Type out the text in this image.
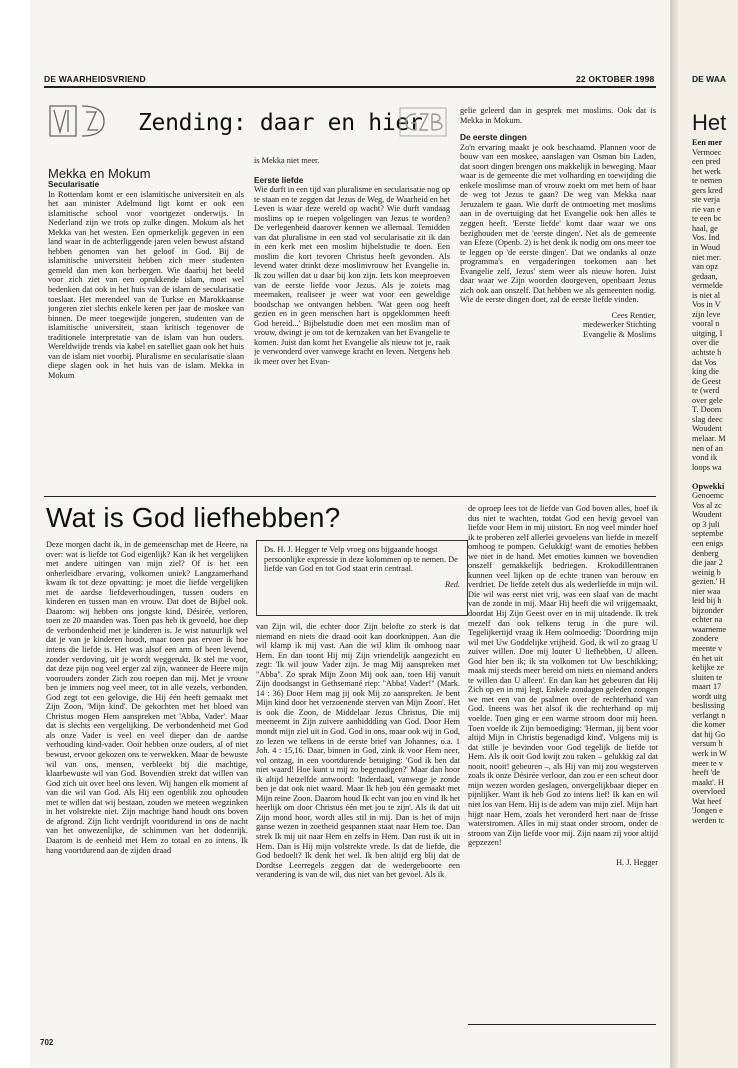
DE WAA
Het
Een mer
Vermoec
een pred
het werk
te nemen
gers kred
ste verja
rie van e
te een bc
haal, ge
Vos. Ind
in Woud
niet mer.
van opz
gedaan,
vermelde
is niet al
Vos in V
zijn leve
vooral n
uitging, I
over die
achtste h
dat Vos
king die
de Geest
te (werd
over gele
T. Doom
slag deec
Woudent
melaar. M
nen of an
vond ik
loops wa

Opwekki
Genoemc
Vos al zc
Woudent
op 3 juli
septembe
een enigs
denberg
die jaar 2
weinig b
gezien.' H
nier waa
leid bij h
bijzonder
echter na
waarneme
zondere
meente v
én het uit
kelijke ze
sluiten te
maart 17
wordt uitg
beslissing
verlangt n
die komer
dat hij Go
versum h
werk in W
meer te v
heeft 'de
maakt'. H
overvloed
Wat heef
'Jongen e
werden tc
DE WAARHEIDSVRIEND	22 OKTOBER 1998
VZB
Zending: daar en hier
Mekka en Mokum
Secularisatie

In Rotterdam komt er een islamitische universiteit en als het aan minister Adelmund ligt komt er ook een islamitische school voor voortgezet onderwijs. In Nederland zijn we trots op zulke dingen. Mokum als het Mekka van het westen. Een opmerkelijk gegeven in een land waar in de achterliggende jaren velen bewust afstand hebben genomen van het geloof in God. Bij de islamitische universiteit hebben zich meer studenten gemeld dan men kon herbergen. Wie daarbij het beeld voor zich ziet van een oprukkende islam, moet wel bedenken dat ook in het huis van de islam de secularisatie toeslaat. Het merendeel van de Turkse en Marokkaanse jongeren ziet slechts enkele keren per jaar de moskee van binnen. De meer toegewijde jongeren, studenten van de islamitische universiteit, staan kritisch tegenover de traditionele interpretatie van de islam van hun ouders. Wereldwijde trends via kabel en satelliet gaan ook het huis van de islam niet voorbij. Pluralisme en secularisatie slaan diepe slagen ook in het huis van de islam. Mekka in Mokum

is Mekka niet meer.

Eerste liefde

Wie durft in een tijd van pluralisme en secularisatie nog op te staan en te zeggen dat Jezus de Weg, de Waarheid en het Leven is waar deze wereld op wacht? Wie durft vandaag moslims op te roepen volgelingen van Jezus te worden? De verlegenheid daarover kennen we allemaal. Temidden van dat pluralisme in een stad vol secularisatie zit ik dan in een kerk met een moslim bijbelstudie te doen. Een moslim die kort tevoren Christus heeft gevonden. Als levend water drinkt deze moslimvrouw het Evangelie in. Ik zou willen dat u daar bij kon zijn. Iets kon meeproeven van de eerste liefde voor Jezus. Als je zoiets mag meemaken, realiseer je weer wat voor een geweldige boodschap we ontvangen hebben. 'Wat geen oog heeft gezien en in geen menschen hart is opgeklommen heeft God bereid...' Bijbelstudie doen met een moslim man of vrouw, dwingt je om tot de kernzaken van het Evangelie te komen. Juist dan komt het Evangelie als nieuw tot je, raak je verwonderd over vanwege kracht en leven. Nergens heb ik meer over het Evan-

gelie geleerd dan in gesprek met moslims. Ook dat is Mekka in Mokum.

De eerste dingen

Zo'n ervaring maakt je ook beschaamd. Plannen voor de bouw van een moskee, aanslagen van Osman bin Laden, dat soort dingen brengen ons makkelijk in beweging. Maar waar is de gemeente die met volharding en toewijding die enkele moslimse man of vrouw zoekt om met hem of haar de weg tot Jezus te gaan? De weg van Mekka naar Jeruzalem te gaan. Wie durft de ontmoeting met moslims aan in de overtuiging dat het Evangelie ook hen alles te zeggen heeft. 'Eerste liefde' komt daar waar we ons bezighouden met de 'eerste dingen'. Net als de gemeente van Efeze (Openb. 2) is het denk ik nodig om ons meer toe te leggen op 'de eerste dingen'. Dat we ondanks al onze programma's en vergaderingen toekomen aan het Evangelie zelf, Jezus' stem weer als nieuw horen. Juist daar waar we Zijn woorden doorgeven, openbaart Jezus zich ook aan onszelf. Dat hebben we als gemeenten nodig. Wie de eerste dingen doet, zal de eerste liefde vinden.

Cees Rentier,
medewerker Stichting
Evangelie & Moslims
Wat is God liefhebben?

Deze morgen dacht ik, in de gemeenschap met de Heere, na over: wat is liefde tot God eigenlijk? Kan ik het vergelijken met andere uitingen van mijn ziel? Of is het een onherleidbare ervaring, volkomen uniek? Langzamerhand kwam ik tot deze opvatting: je moet die liefde vergelijken met de aardse liefdeverhoudingen, tussen ouders en kinderen en tussen man en vrouw. Dat doet de Bijbel ook. Daarom: wij hebben ons jongste kind, Désirée, verloren, toen ze 20 maanden was. Toen pas heb ik gevoeld, hoe diep de verbondenheid met je kinderen is. Je wist natuurlijk wel dat je van je kinderen houdt, maar toen pas ervoer ik hoe intens die liefde is. Het was alsof een arm of been levend, zonder verdoving, uit je wordt weggerukt. Ik stel me voor, dat deze pijn nog veel erger zal zijn, wanneer de Heere mijn voorouders zonder Zich zou roepen dan mij. Met je vrouw ben je immers nog veel meer, tot in alle vezels, verbonden. God zegt tot een gelovige, die Hij één heeft gemaakt met Zijn Zoon, 'Mijn kind'. De gekochten met het bloed van Christus mogen Hem aanspreken met 'Abba, Vader'. Maar dat is slechts een vergelijking. De verbondenheid met God als onze Vader is veel en veel dieper dan de aardse verhouding kind-vader. Ooit hebben onze ouders, al of niet bewust, ervoor gekozen ons te verwekken. Maar de bewuste wil van ons, mensen, verbleekt bij die machtige, klaarbewuste wil van God. Bovendien strekt dat willen van God zich uit over heel ons leven. Wij hangen elk moment af van die wil van God. Als Hij een ogenblik zou ophouden met te willen dat wij bestaan, zouden we meteen wegzinken in het volstrekte niet. Zijn machtige hand houdt ons boven de afgrond. Zijn licht verdrijft voortdurend in ons de nacht van het onwezenlijke, de schimmen van het dodenrijk. Daarom is de eenheid met Hem zo totaal en zo intens. Ik hang voortdurend aan de zijden draad

Ds. H. J. Hegger te Velp vroeg ons bijgaande hoogst persoonlijke expressie in deze kolommen op te nemen. De liefde van God en tot God staat erin centraal.
Red.

van Zijn wil, die echter door Zijn belofte zo sterk is dat niemand en niets die draad ooit kan doorknippen. Aan die wil klamp ik mij vast. Aan die wil klim ik omhoog naar Hem. En dan toont Hij mij Zijn vriendelijk aangezicht en zegt: 'Ik wil jouw Vader zijn. Je mag Mij aanspreken met "Abba". Zo sprak Mijn Zoon Mij ook aan, toen Hij vanuit Zijn doodsangst in Gethsemané riep: "Abba! Vader!" (Mark. 14 : 36) Door Hem mag jij ook Mij zo aanspreken. Je bent Mijn kind door het verzoenende sterven van Mijn Zoon'. Het is ook die Zoon, de Middelaar Jezus Christus, Die mij meeneemt in Zijn zuivere aanhiddding van God. Door Hem mondt mijn ziel uit in God. God in ons, maar ook wij in God, zo lezen we telkens in de eerste brief van Johannes, o.a. 1 Joh. 4 : 15,16. Daar, binnen in God, zink ik voor Hem neer, vol ontzag, in een voortdurende betuiging: 'God ik ben dat niet waard! Hoe kunt u mij zo begenadigen?' Maar dan hoor ik altijd hetzelfde antwoord: 'Inderdaad, vanwege je zonde ben je dat ook niet waard. Maar Ik heb jou één gemaakt met Mijn reine Zoon. Daarom houd Ik echt van jou en vind Ik het heerlijk om door Christus één met jou te zijn'. Als ik dat uit Zijn mond hoor, wordt alles stil in mij. Dan is het of mijn ganse wezen in zoetheid gespannen staat naar Hem toe. Dan strek Ik mij uit naar Hem en zelfs in Hem. Dan rust ik uit in Hem. Dan is Hij mijn volstrekte vrede. Is dat de liefde, die God bedoelt? Ik denk het wel. Ik ben altijd erg blij dat de Dordtse Leerregels zeggen dat de wedergeboorte een verandering is van de wil, dus niet van het gevoel. Als ik

de oproep lees tot de liefde van God boven alles, hoef ik dus niet te wachten, totdat God een hevig gevoel van liefde voor Hem in mij uitstort. En nog veel minder hoef ik te proberen zelf allerlei gevoelens van liefde in mezelf omhoog te pompen. Gelukkig! want de emoties hebben we niet in de hand. Met emoties kunnen we bovendien onszelf gemakkelijk bedriegen. Krokodillentranen kunnen veel lijken op de echte tranen van berouw en verdriet. De liefde zetelt dus als wederliefde in mijn wil. Die wil was eerst niet vrij, was een slaaf van de macht van de zonde in mij. Maar Hij heeft die wil vrijgemaakt, doordat Hij Zijn Geest over en in mij uitadende. Ik trek mezelf dan ook telkens terug in die pure wil. Tegelijkertijd vraag ik Hem oolmoedig: 'Doordring mijn wil met Uw Goddelijke vrijheid. God, ik wil zo graag U zuiver willen. Doe mij louter U liefhebben, U alleen. God hier ben ik; ik sta volkomen tot Uw beschikking; maak mij steeds meer bereid om niets en niemand anders te willen dan U alleen'. En dan kan het gebeuren dat Hij Zich op en in mij legt. Enkele zondagen geleden zongen we met een van de psalmen over de rechterhand van God. Ineens was het alsof ik die rechterhand op mij voelde. Toen ging er een warme stroom door mij heen. Toen voelde ik Zijn bemoediging: 'Herman, jij bent voor altijd Mijn in Christis begenadigd kind'. Volgens mij is dat stille je bevinden voor God tegelijk de liefde tot Hem. Als ik ooit God kwijt zou raken – gelukkig zal dat nooit, nooit! gebeuren –, als Hij van mij zou wegsterven zoals ik onze Désirée verloor, dan zou er een scheut door mijn wezen worden geslagen, onvergelijkbaar dieper en pijnlijker. Want ik heb God zo intens lief! Ik kan en wil niet los van Hem. Hij is de adem van mijn ziel. Mijn hart hijgt naar Hem, zoals het veronderd hert naar de frisse waterstromen. Alles in mij staat onder stroom, onder de stroom van Zijn liefde voor mij. Zijn naam zij voor altijd gepzezen!

H. J. Hegger
702
